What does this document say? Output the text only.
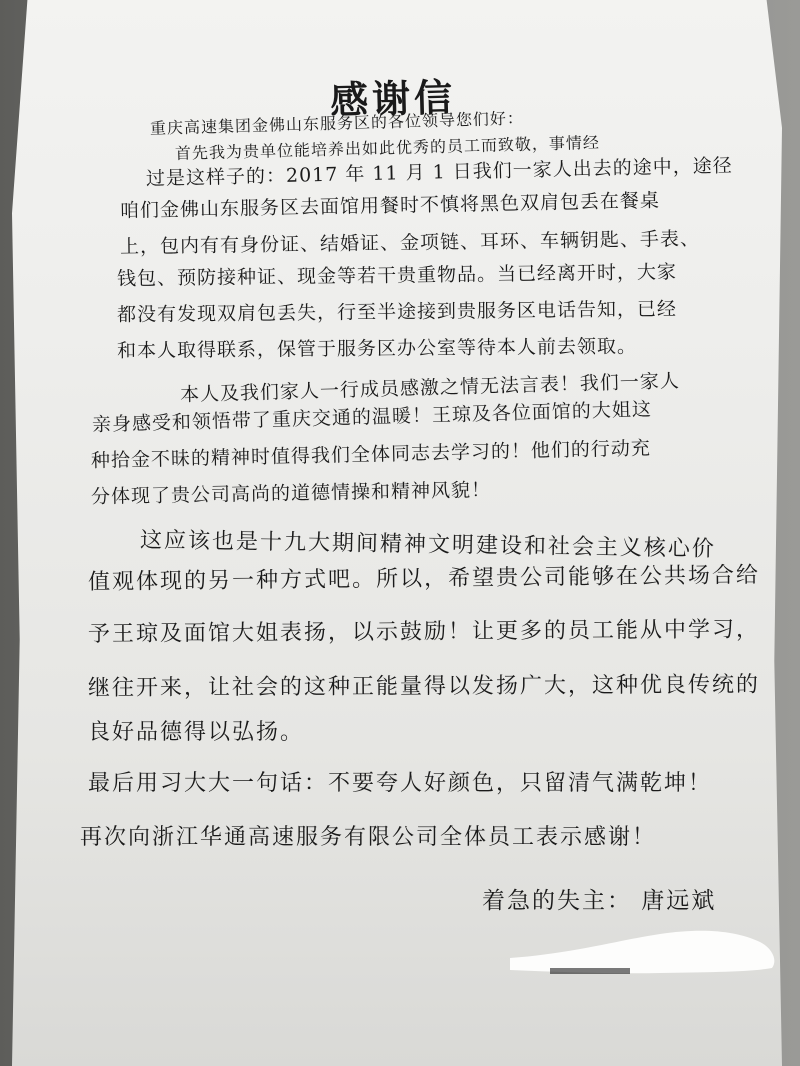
感谢信
重庆高速集团金佛山东服务区的各位领导您们好：
首先我为贵单位能培养出如此优秀的员工而致敬，事情经
过是这样子的：2017 年 11 月 1 日我们一家人出去的途中，途径
咱们金佛山东服务区去面馆用餐时不慎将黑色双肩包丢在餐桌
上，包内有有身份证、结婚证、金项链、耳环、车辆钥匙、手表、
钱包、预防接种证、现金等若干贵重物品。当已经离开时，大家
都没有发现双肩包丢失，行至半途接到贵服务区电话告知，已经
和本人取得联系，保管于服务区办公室等待本人前去领取。
本人及我们家人一行成员感激之情无法言表！我们一家人
亲身感受和领悟带了重庆交通的温暖！王琼及各位面馆的大姐这
种拾金不昧的精神时值得我们全体同志去学习的！他们的行动充
分体现了贵公司高尚的道德情操和精神风貌！
这应该也是十九大期间精神文明建设和社会主义核心价
值观体现的另一种方式吧。所以，希望贵公司能够在公共场合给
予王琼及面馆大姐表扬，以示鼓励！让更多的员工能从中学习，
继往开来，让社会的这种正能量得以发扬广大，这种优良传统的
良好品德得以弘扬。
最后用习大大一句话：不要夸人好颜色，只留清气满乾坤！
再次向浙江华通高速服务有限公司全体员工表示感谢！
着急的失主： 唐远斌
